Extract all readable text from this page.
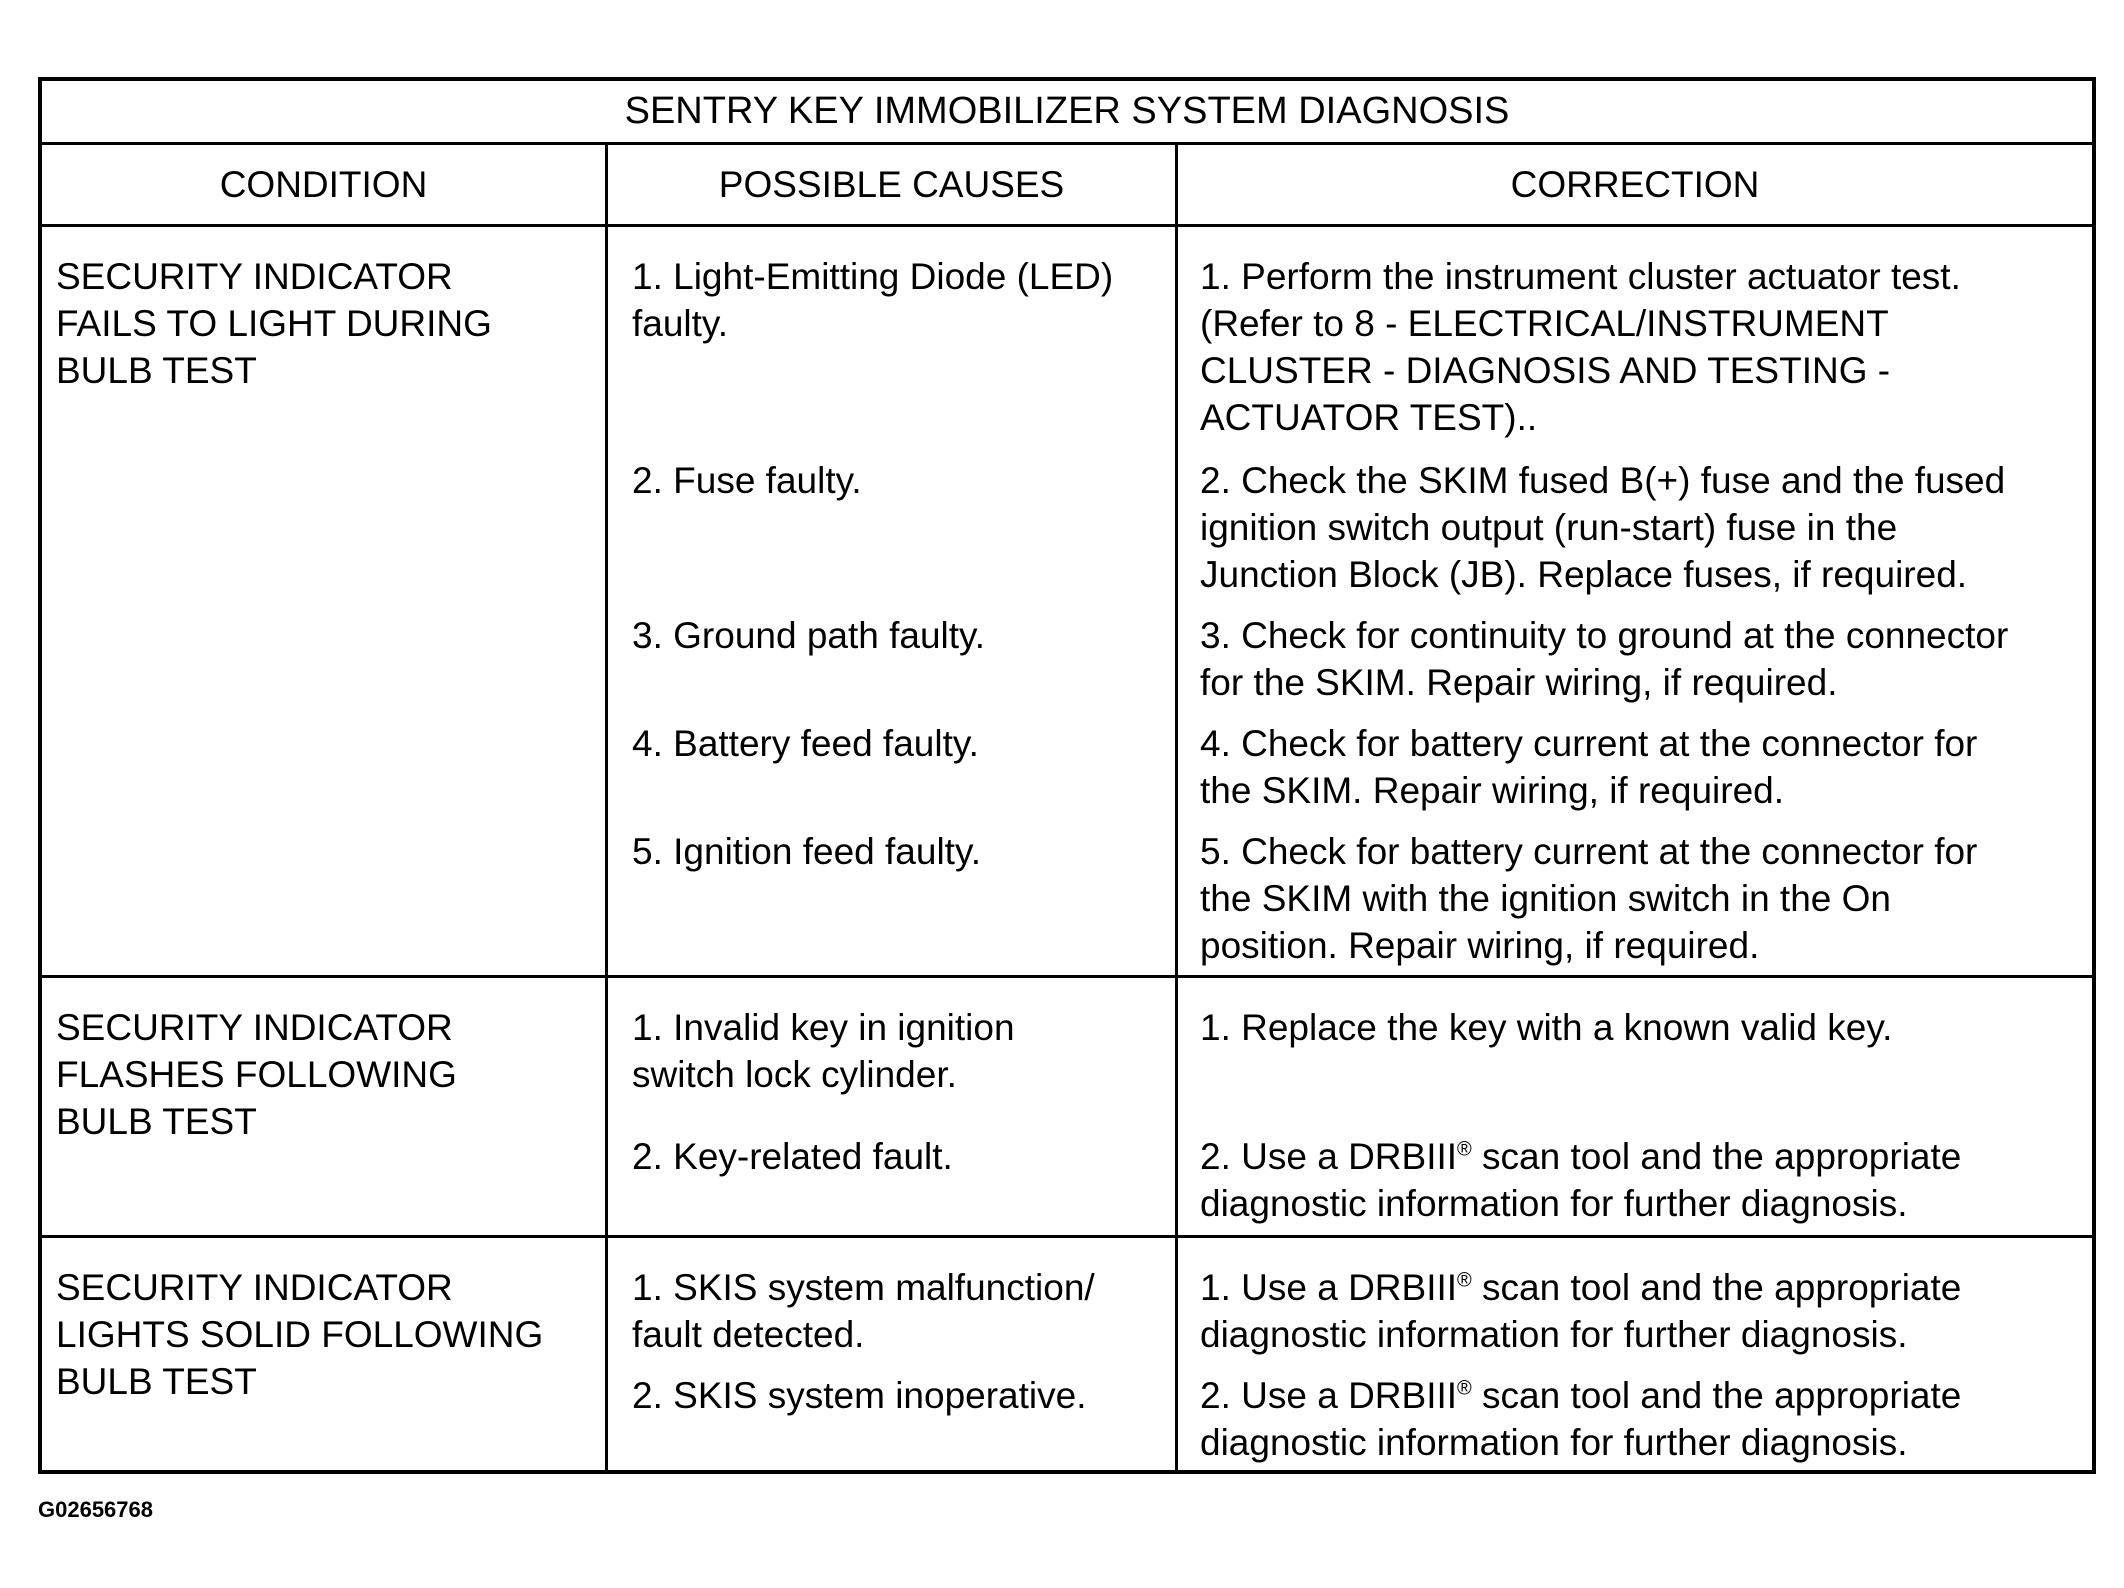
SENTRY KEY IMMOBILIZER SYSTEM DIAGNOSIS
CONDITION	POSSIBLE CAUSES	CORRECTION
SECURITY INDICATOR
FAILS TO LIGHT DURING
BULB TEST
1. Light-Emitting Diode (LED)
faulty.
2. Fuse faulty.
3. Ground path faulty.
4. Battery feed faulty.
5. Ignition feed faulty.
1. Perform the instrument cluster actuator test.
(Refer to 8 - ELECTRICAL/INSTRUMENT
CLUSTER - DIAGNOSIS AND TESTING -
ACTUATOR TEST)..
2. Check the SKIM fused B(+) fuse and the fused
ignition switch output (run-start) fuse in the
Junction Block (JB). Replace fuses, if required.
3. Check for continuity to ground at the connector
for the SKIM. Repair wiring, if required.
4. Check for battery current at the connector for
the SKIM. Repair wiring, if required.
5. Check for battery current at the connector for
the SKIM with the ignition switch in the On
position. Repair wiring, if required.
SECURITY INDICATOR
FLASHES FOLLOWING
BULB TEST
1. Invalid key in ignition
switch lock cylinder.
2. Key-related fault.
1. Replace the key with a known valid key.
2. Use a DRBIII® scan tool and the appropriate
diagnostic information for further diagnosis.
SECURITY INDICATOR
LIGHTS SOLID FOLLOWING
BULB TEST
1. SKIS system malfunction/
fault detected.
2. SKIS system inoperative.
1. Use a DRBIII® scan tool and the appropriate
diagnostic information for further diagnosis.
2. Use a DRBIII® scan tool and the appropriate
diagnostic information for further diagnosis.
G02656768
